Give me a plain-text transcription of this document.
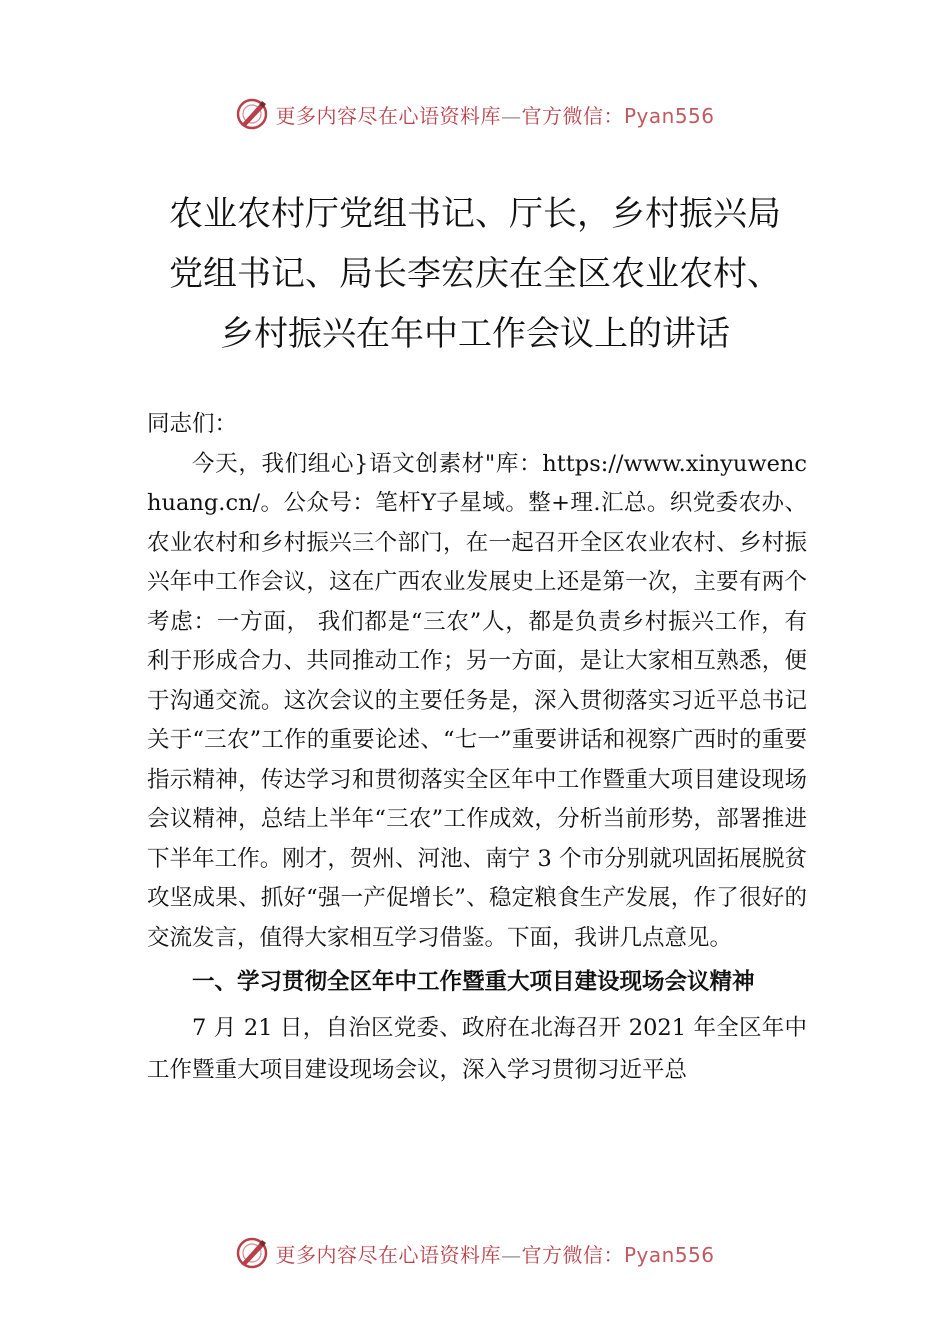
更多内容尽在心语资料库—官方微信：Pyan556
农业农村厅党组书记、厅长，乡村振兴局
党组书记、局长李宏庆在全区农业农村、
乡村振兴在年中工作会议上的讲话

同志们：

今天，我们组心}语文创素材"库：https://www.xinyuwenchuang.cn/。公众号：笔杆Y子星域。整+理.汇总。织党委农办、农业农村和乡村振兴三个部门，在一起召开全区农业农村、乡村振兴年中工作会议，这在广西农业发展史上还是第一次，主要有两个考虑：一方面， 我们都是“三农”人，都是负责乡村振兴工作，有利于形成合力、共同推动工作；另一方面，是让大家相互熟悉，便于沟通交流。这次会议的主要任务是，深入贯彻落实习近平总书记关于“三农”工作的重要论述、“七一”重要讲话和视察广西时的重要指示精神，传达学习和贯彻落实全区年中工作暨重大项目建设现场会议精神，总结上半年“三农”工作成效，分析当前形势，部署推进下半年工作。刚才，贺州、河池、南宁 3 个市分别就巩固拓展脱贫攻坚成果、抓好“强一产促增长”、稳定粮食生产发展，作了很好的交流发言，值得大家相互学习借鉴。下面，我讲几点意见。

一、学习贯彻全区年中工作暨重大项目建设现场会议精神

7 月 21 日，自治区党委、政府在北海召开 2021 年全区年中工作暨重大项目建设现场会议，深入学习贯彻习近平总

更多内容尽在心语资料库—官方微信：Pyan556
